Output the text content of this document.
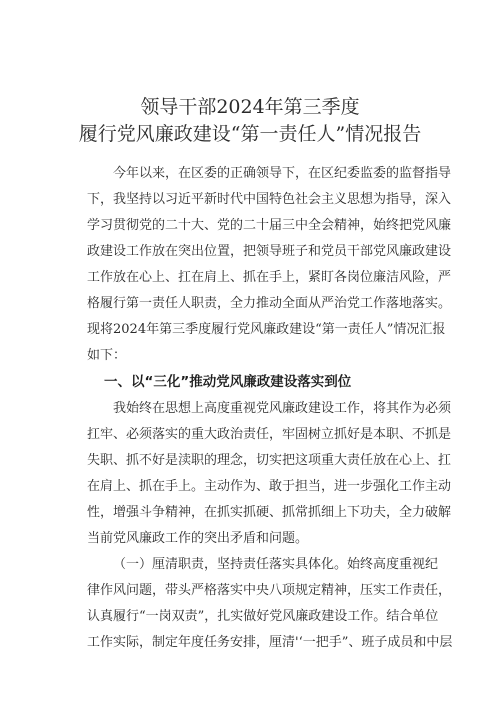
领导干部2024年第三季度
履行党风廉政建设“第一责任人”情况报告
今年以来，在区委的正确领导下，在区纪委监委的监督指导
下，我坚持以习近平新时代中国特色社会主义思想为指导，深入
学习贯彻党的二十大、党的二十届三中全会精神，始终把党风廉
政建设工作放在突出位置，把领导班子和党员干部党风廉政建设
工作放在心上、扛在肩上、抓在手上，紧盯各岗位廉洁风险，严
格履行第一责任人职责，全力推动全面从严治党工作落地落实。
现将2024年第三季度履行党风廉政建设“第一责任人”情况汇报
如下：
一、以“三化”推动党风廉政建设落实到位
我始终在思想上高度重视党风廉政建设工作，将其作为必须
扛牢、必须落实的重大政治责任，牢固树立抓好是本职、不抓是
失职、抓不好是渎职的理念，切实把这项重大责任放在心上、扛
在肩上、抓在手上。主动作为、敢于担当，进一步强化工作主动
性，增强斗争精神，在抓实抓硬、抓常抓细上下功夫，全力破解
当前党风廉政工作的突出矛盾和问题。
（一）厘清职责，坚持责任落实具体化。始终高度重视纪
律作风问题，带头严格落实中央八项规定精神，压实工作责任，
认真履行“一岗双责”，扎实做好党风廉政建设工作。结合单位
工作实际，制定年度任务安排，厘清'‘一把手”、班子成员和中层
